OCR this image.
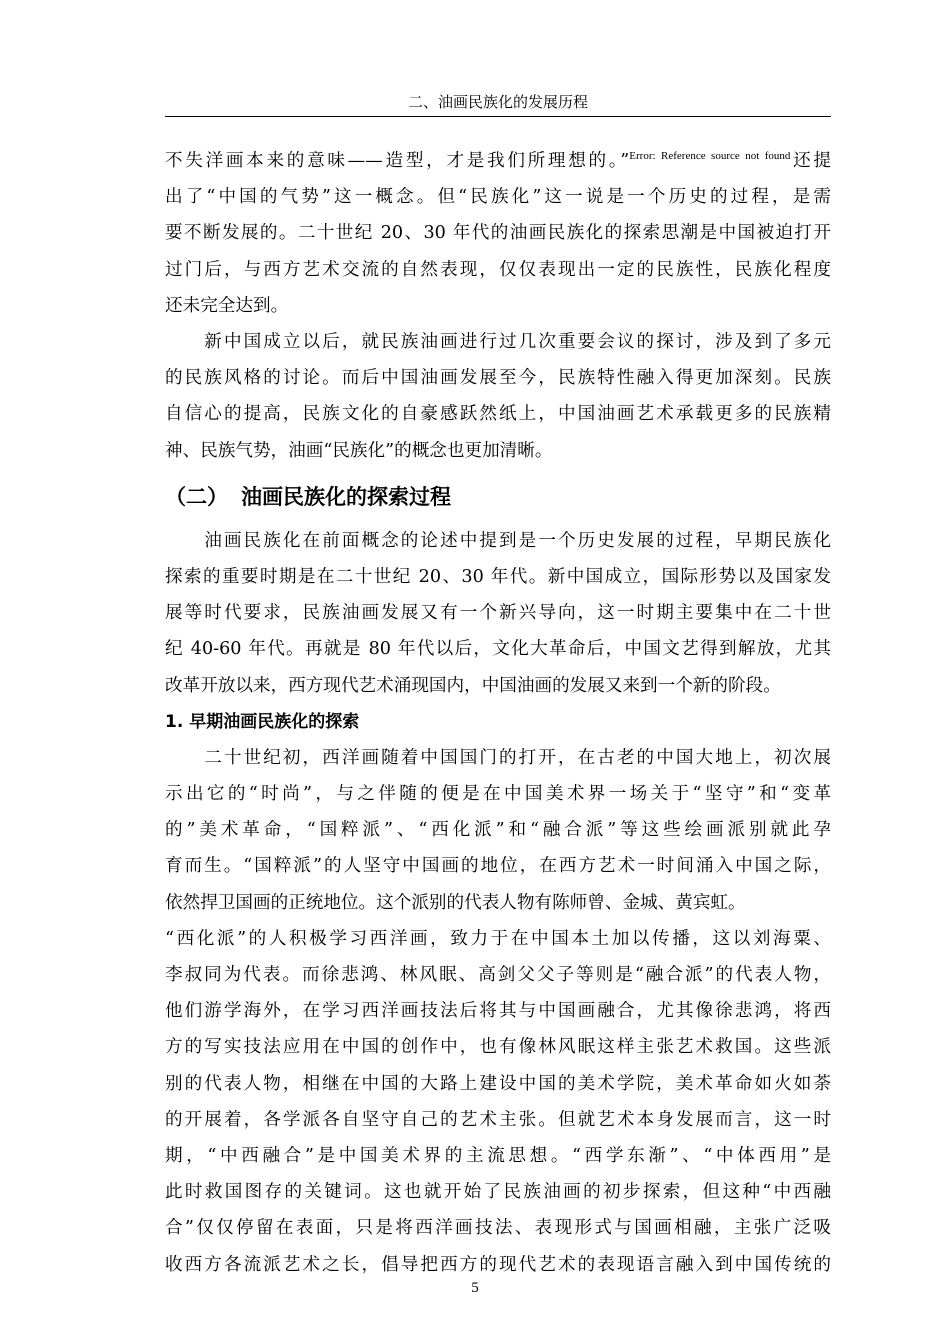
二、油画民族化的发展历程

不失洋画本来的意味——造型，才是我们所理想的。”$^{Error: Reference source not found}$还提

出了“中国的气势”这一概念。但“民族化”这一说是一个历史的过程，是需

要不断发展的。二十世纪 20、30 年代的油画民族化的探索思潮是中国被迫打开

过门后，与西方艺术交流的自然表现，仅仅表现出一定的民族性，民族化程度

还未完全达到。

　　新中国成立以后，就民族油画进行过几次重要会议的探讨，涉及到了多元

的民族风格的讨论。而后中国油画发展至今，民族特性融入得更加深刻。民族

自信心的提高，民族文化的自豪感跃然纸上，中国油画艺术承载更多的民族精

神、民族气势，油画“民族化”的概念也更加清晰。

（二） 油画民族化的探索过程

　　油画民族化在前面概念的论述中提到是一个历史发展的过程，早期民族化

探索的重要时期是在二十世纪 20、30 年代。新中国成立，国际形势以及国家发

展等时代要求，民族油画发展又有一个新兴导向，这一时期主要集中在二十世

纪 40-60 年代。再就是 80 年代以后，文化大革命后，中国文艺得到解放，尤其

改革开放以来，西方现代艺术涌现国内，中国油画的发展又来到一个新的阶段。

1. 早期油画民族化的探索

　　二十世纪初，西洋画随着中国国门的打开，在古老的中国大地上，初次展

示出它的“时尚”，与之伴随的便是在中国美术界一场关于“坚守”和“变革

的”美术革命，“国粹派”、“西化派”和“融合派”等这些绘画派别就此孕

育而生。“国粹派”的人坚守中国画的地位，在西方艺术一时间涌入中国之际，

依然捍卫国画的正统地位。这个派别的代表人物有陈师曾、金城、黄宾虹。

“西化派”的人积极学习西洋画，致力于在中国本土加以传播，这以刘海粟、

李叔同为代表。而徐悲鸿、林风眠、高剑父父子等则是“融合派”的代表人物，

他们游学海外，在学习西洋画技法后将其与中国画融合，尤其像徐悲鸿，将西

方的写实技法应用在中国的创作中，也有像林风眠这样主张艺术救国。这些派

别的代表人物，相继在中国的大路上建设中国的美术学院，美术革命如火如荼

的开展着，各学派各自坚守自己的艺术主张。但就艺术本身发展而言，这一时

期，“中西融合”是中国美术界的主流思想。“西学东渐”、“中体西用”是

此时救国图存的关键词。这也就开始了民族油画的初步探索，但这种“中西融

合”仅仅停留在表面，只是将西洋画技法、表现形式与国画相融，主张广泛吸

收西方各流派艺术之长，倡导把西方的现代艺术的表现语言融入到中国传统的

5
